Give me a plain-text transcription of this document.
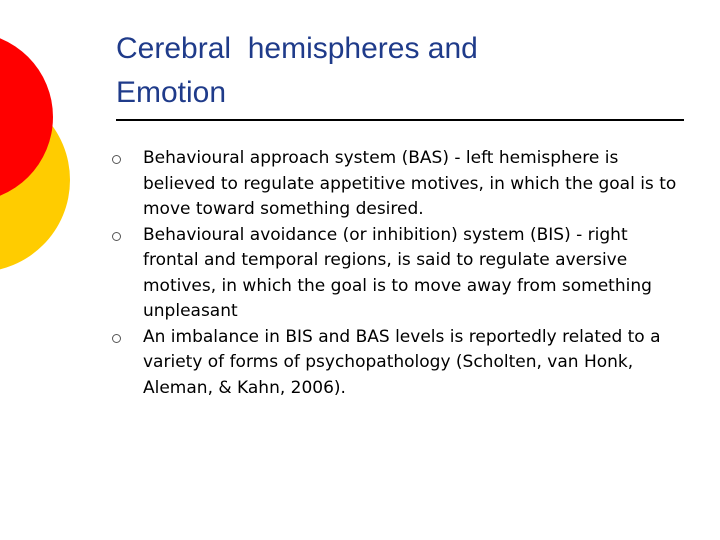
Cerebral  hemispheres and
Emotion
Behavioural approach system (BAS) - left hemisphere is believed to regulate appetitive motives, in which the goal is to move toward something desired.
Behavioural avoidance (or inhibition) system (BIS) - right frontal and temporal regions, is said to regulate aversive motives, in which the goal is to move away from something unpleasant
An imbalance in BIS and BAS levels is reportedly related to a variety of forms of psychopathology (Scholten, van Honk, Aleman, & Kahn, 2006).
